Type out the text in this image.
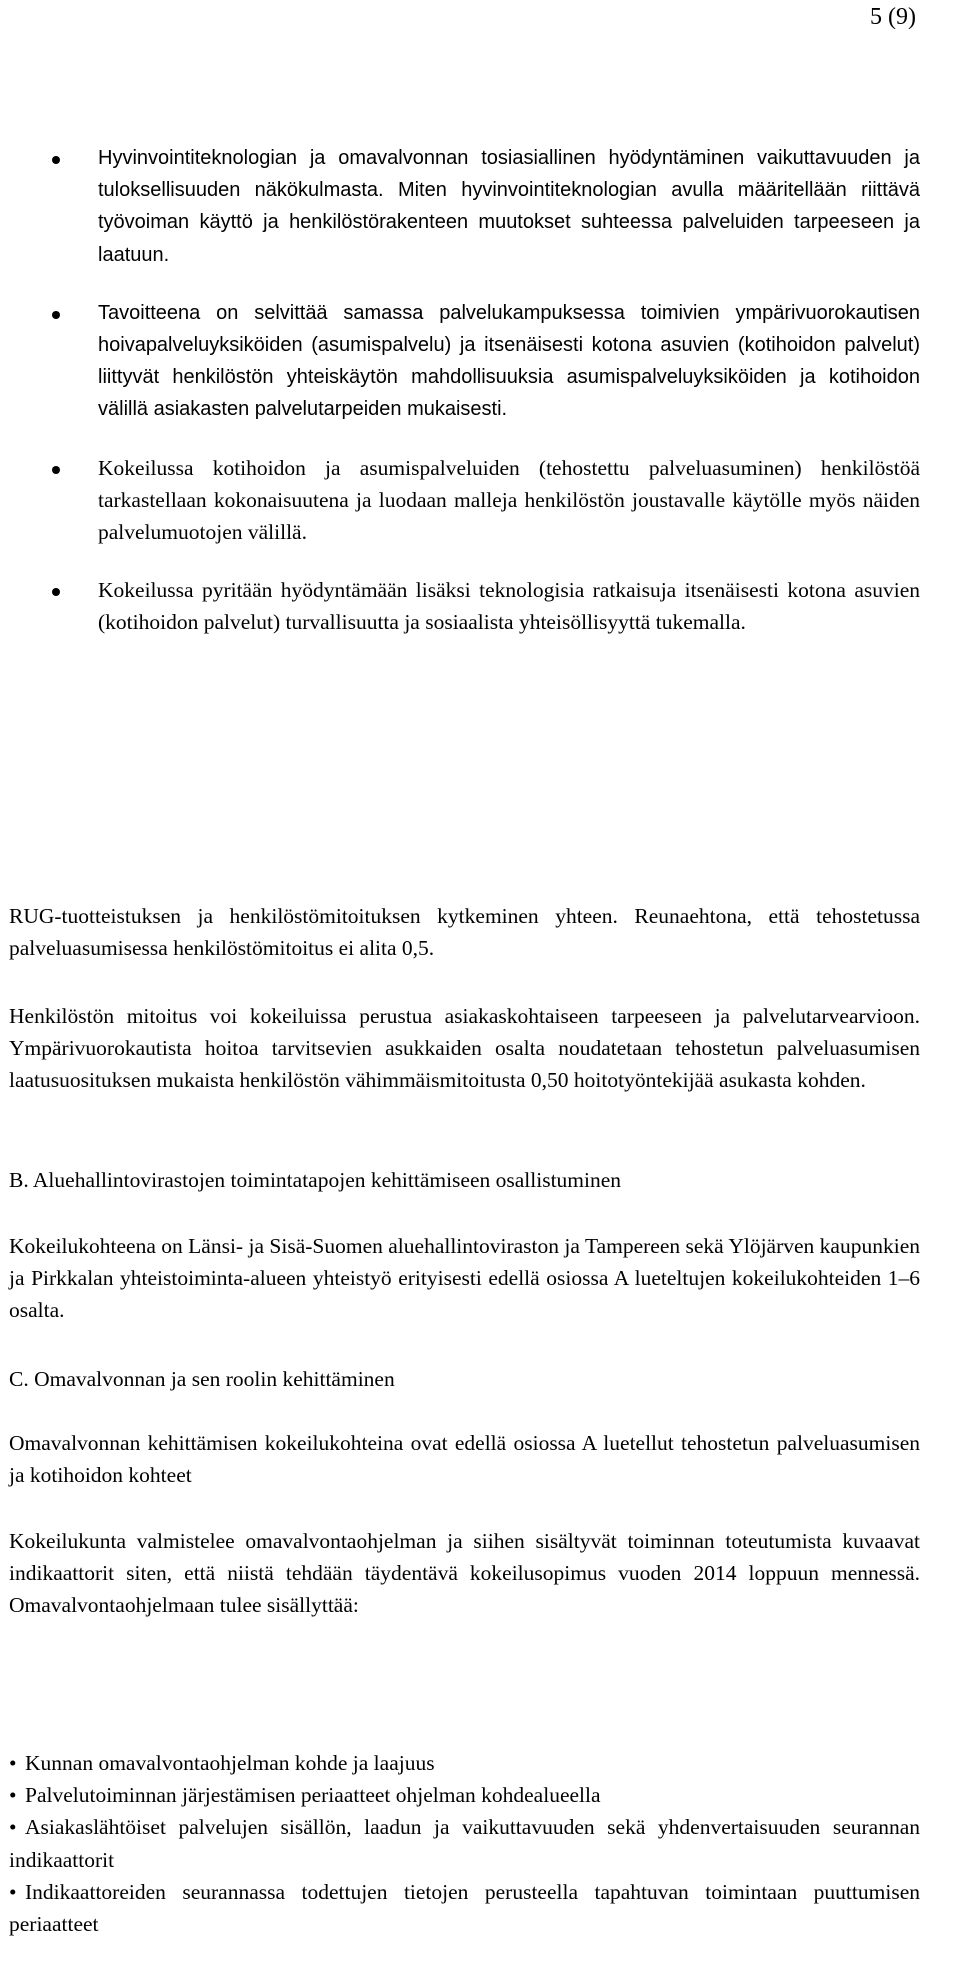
5 (9)
Hyvinvointiteknologian ja omavalvonnan tosiasiallinen hyödyntäminen vaikuttavuuden ja tuloksellisuuden näkökulmasta. Miten hyvinvointiteknologian avulla määritellään riittävä työvoiman käyttö ja henkilöstörakenteen muutokset suhteessa palveluiden tarpeeseen ja laatuun.
Tavoitteena on selvittää samassa palvelukampuksessa toimivien ympärivuorokautisen hoivapalveluyksiköiden (asumispalvelu) ja itsenäisesti kotona asuvien (kotihoidon palvelut) liittyvät henkilöstön yhteiskäytön mahdollisuuksia asumispalveluyksiköiden ja kotihoidon välillä asiakasten palvelutarpeiden mukaisesti.
Kokeilussa kotihoidon ja asumispalveluiden (tehostettu palveluasuminen) henkilöstöä tarkastellaan kokonaisuutena ja luodaan malleja henkilöstön joustavalle käytölle myös näiden palvelumuotojen välillä.
Kokeilussa pyritään hyödyntämään lisäksi teknologisia ratkaisuja itsenäisesti kotona asuvien (kotihoidon palvelut) turvallisuutta ja sosiaalista yhteisöllisyyttä tukemalla.

RUG-tuotteistuksen ja henkilöstömitoituksen kytkeminen yhteen. Reunaehtona, että tehostetussa palveluasumisessa henkilöstömitoitus ei alita 0,5.

Henkilöstön mitoitus voi kokeiluissa perustua asiakaskohtaiseen tarpeeseen ja palvelutarvearvioon. Ympärivuorokautista hoitoa tarvitsevien asukkaiden osalta noudatetaan tehostetun palveluasumisen laatusuosituksen mukaista henkilöstön vähimmäismitoitusta 0,50 hoitotyöntekijää asukasta kohden.

B. Aluehallintovirastojen toimintatapojen kehittämiseen osallistuminen

Kokeilukohteena on Länsi- ja Sisä-Suomen aluehallintoviraston ja Tampereen sekä Ylöjärven kaupunkien ja Pirkkalan yhteistoiminta-alueen yhteistyö erityisesti edellä osiossa A lueteltujen kokeilukohteiden 1–6 osalta.

C. Omavalvonnan ja sen roolin kehittäminen

Omavalvonnan kehittämisen kokeilukohteina ovat edellä osiossa A luetellut tehostetun palveluasumisen ja kotihoidon kohteet

Kokeilukunta valmistelee omavalvontaohjelman ja siihen sisältyvät toiminnan toteutumista kuvaavat indikaattorit siten, että niistä tehdään täydentävä kokeilusopimus vuoden 2014 loppuun mennessä. Omavalvontaohjelmaan tulee sisällyttää:

• Kunnan omavalvontaohjelman kohde ja laajuus
• Palvelutoiminnan järjestämisen periaatteet ohjelman kohdealueella
• Asiakaslähtöiset palvelujen sisällön, laadun ja vaikuttavuuden sekä yhdenvertaisuuden seurannan indikaattorit
• Indikaattoreiden seurannassa todettujen tietojen perusteella tapahtuvan toimintaan puuttumisen periaatteet
